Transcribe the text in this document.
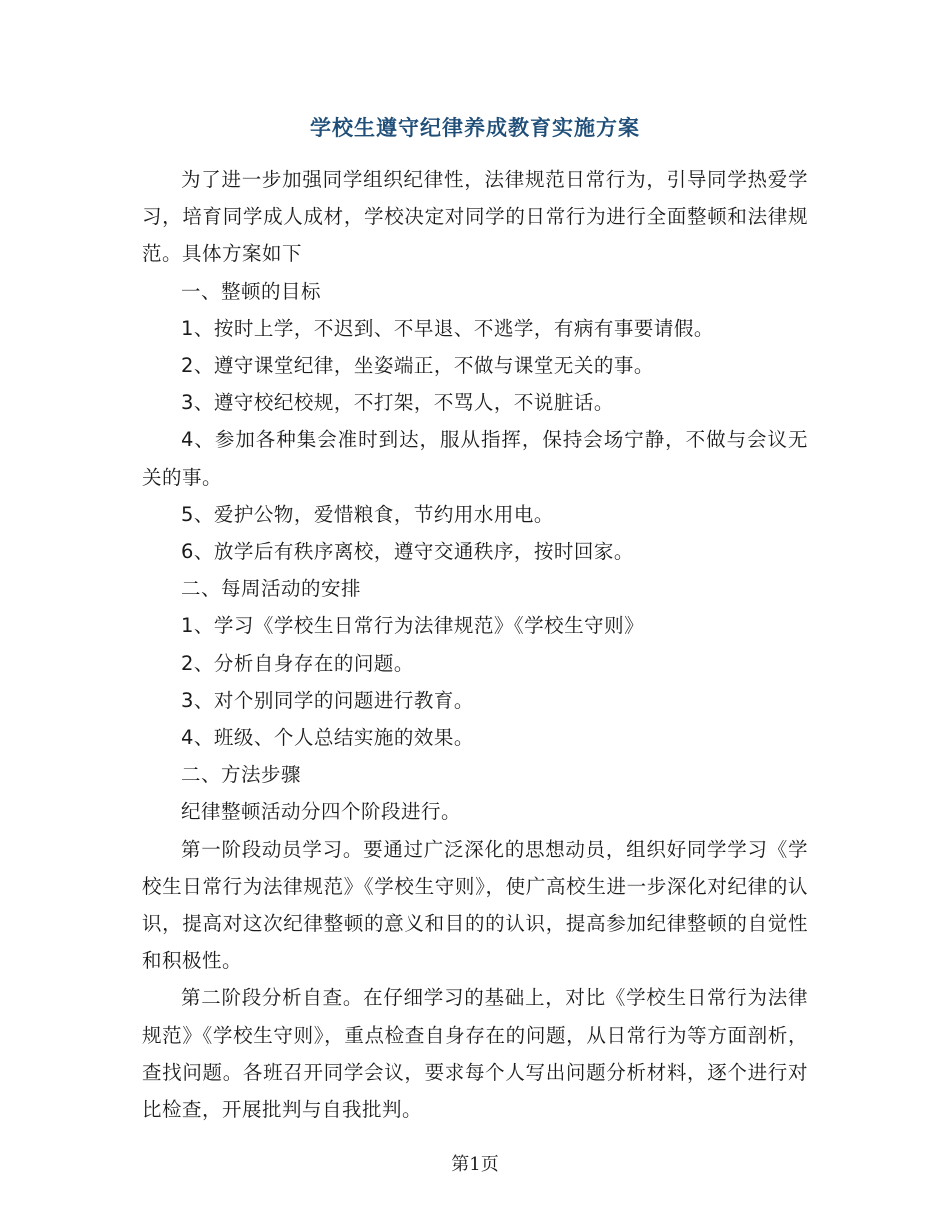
学校生遵守纪律养成教育实施方案

为了进一步加强同学组织纪律性，法律规范日常行为，引导同学热爱学习，培育同学成人成材，学校决定对同学的日常行为进行全面整顿和法律规范。具体方案如下

一、整顿的目标

1、按时上学，不迟到、不早退、不逃学，有病有事要请假。

2、遵守课堂纪律，坐姿端正，不做与课堂无关的事。

3、遵守校纪校规，不打架，不骂人，不说脏话。

4、参加各种集会准时到达，服从指挥，保持会场宁静，不做与会议无关的事。

5、爱护公物，爱惜粮食，节约用水用电。

6、放学后有秩序离校，遵守交通秩序，按时回家。

二、每周活动的安排

1、学习《学校生日常行为法律规范》《学校生守则》

2、分析自身存在的问题。

3、对个别同学的问题进行教育。

4、班级、个人总结实施的效果。

二、方法步骤

纪律整顿活动分四个阶段进行。

第一阶段动员学习。要通过广泛深化的思想动员，组织好同学学习《学校生日常行为法律规范》《学校生守则》，使广高校生进一步深化对纪律的认识，提高对这次纪律整顿的意义和目的的认识，提高参加纪律整顿的自觉性和积极性。

第二阶段分析自查。在仔细学习的基础上，对比《学校生日常行为法律规范》《学校生守则》，重点检查自身存在的问题，从日常行为等方面剖析，查找问题。各班召开同学会议，要求每个人写出问题分析材料，逐个进行对比检查，开展批判与自我批判。

第1页
